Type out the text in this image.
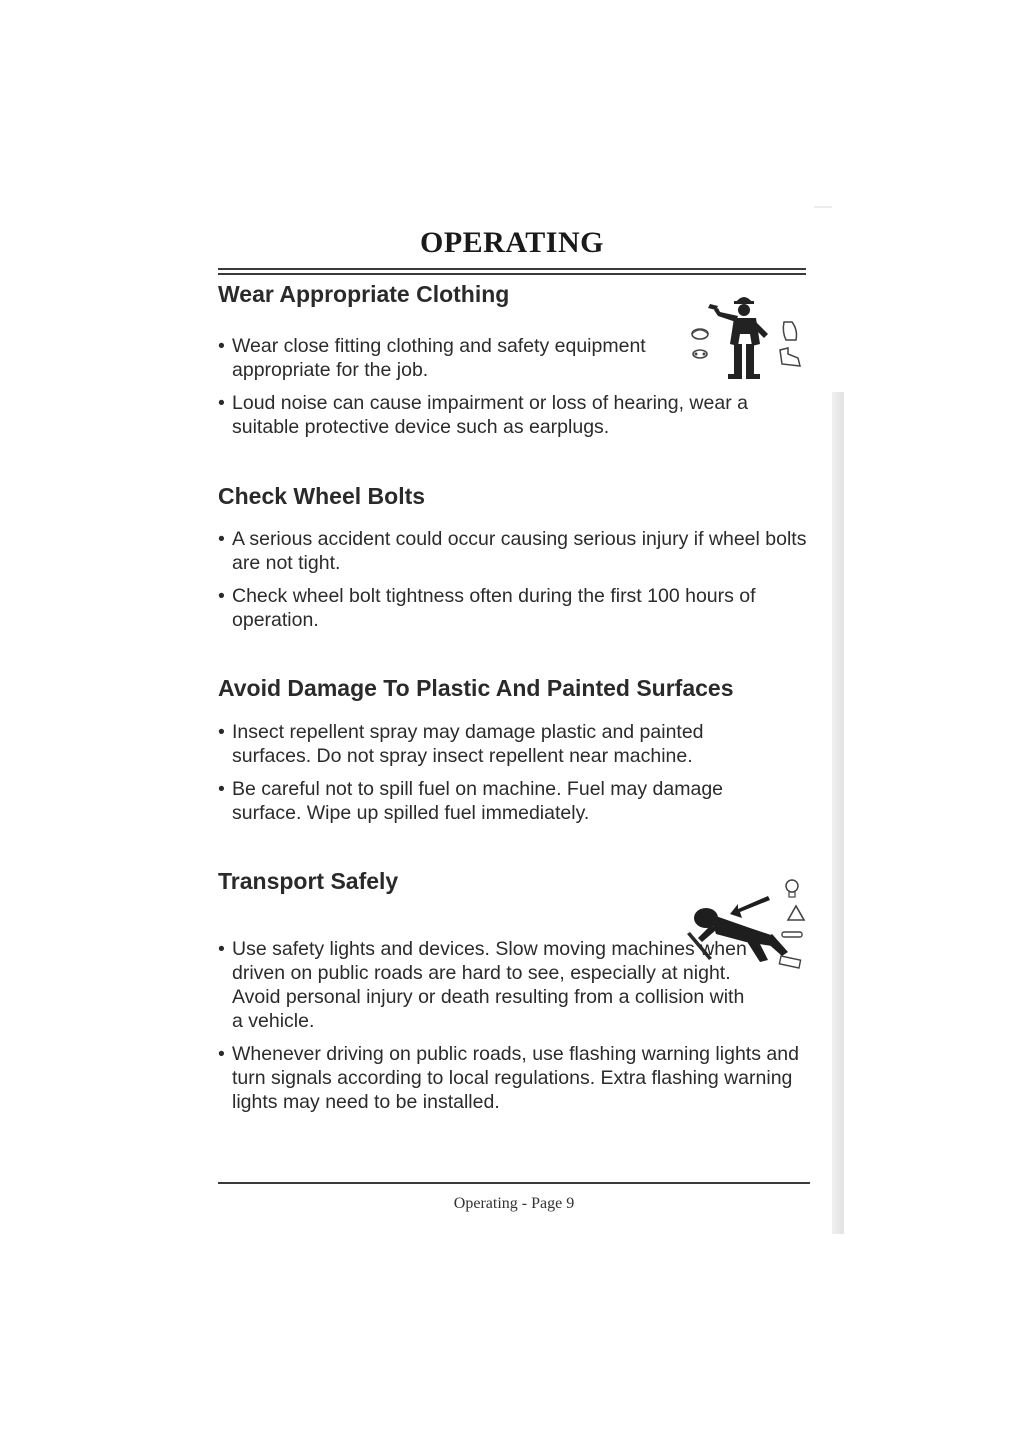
OPERATING
Wear Appropriate Clothing
• Wear close fitting clothing and safety equipment appropriate for the job.
• Loud noise can cause impairment or loss of hearing, wear a suitable protective device such as earplugs.
Check Wheel Bolts
• A serious accident could occur causing serious injury if wheel bolts are not tight.
• Check wheel bolt tightness often during the first 100 hours of operation.
Avoid Damage To Plastic And Painted Surfaces
• Insect repellent spray may damage plastic and painted surfaces. Do not spray insect repellent near machine.
• Be careful not to spill fuel on machine. Fuel may damage surface. Wipe up spilled fuel immediately.
Transport Safely
• Use safety lights and devices. Slow moving machines when driven on public roads are hard to see, especially at night. Avoid personal injury or death resulting from a collision with a vehicle.
• Whenever driving on public roads, use flashing warning lights and turn signals according to local regulations. Extra flashing warning lights may need to be installed.
Operating - Page 9
